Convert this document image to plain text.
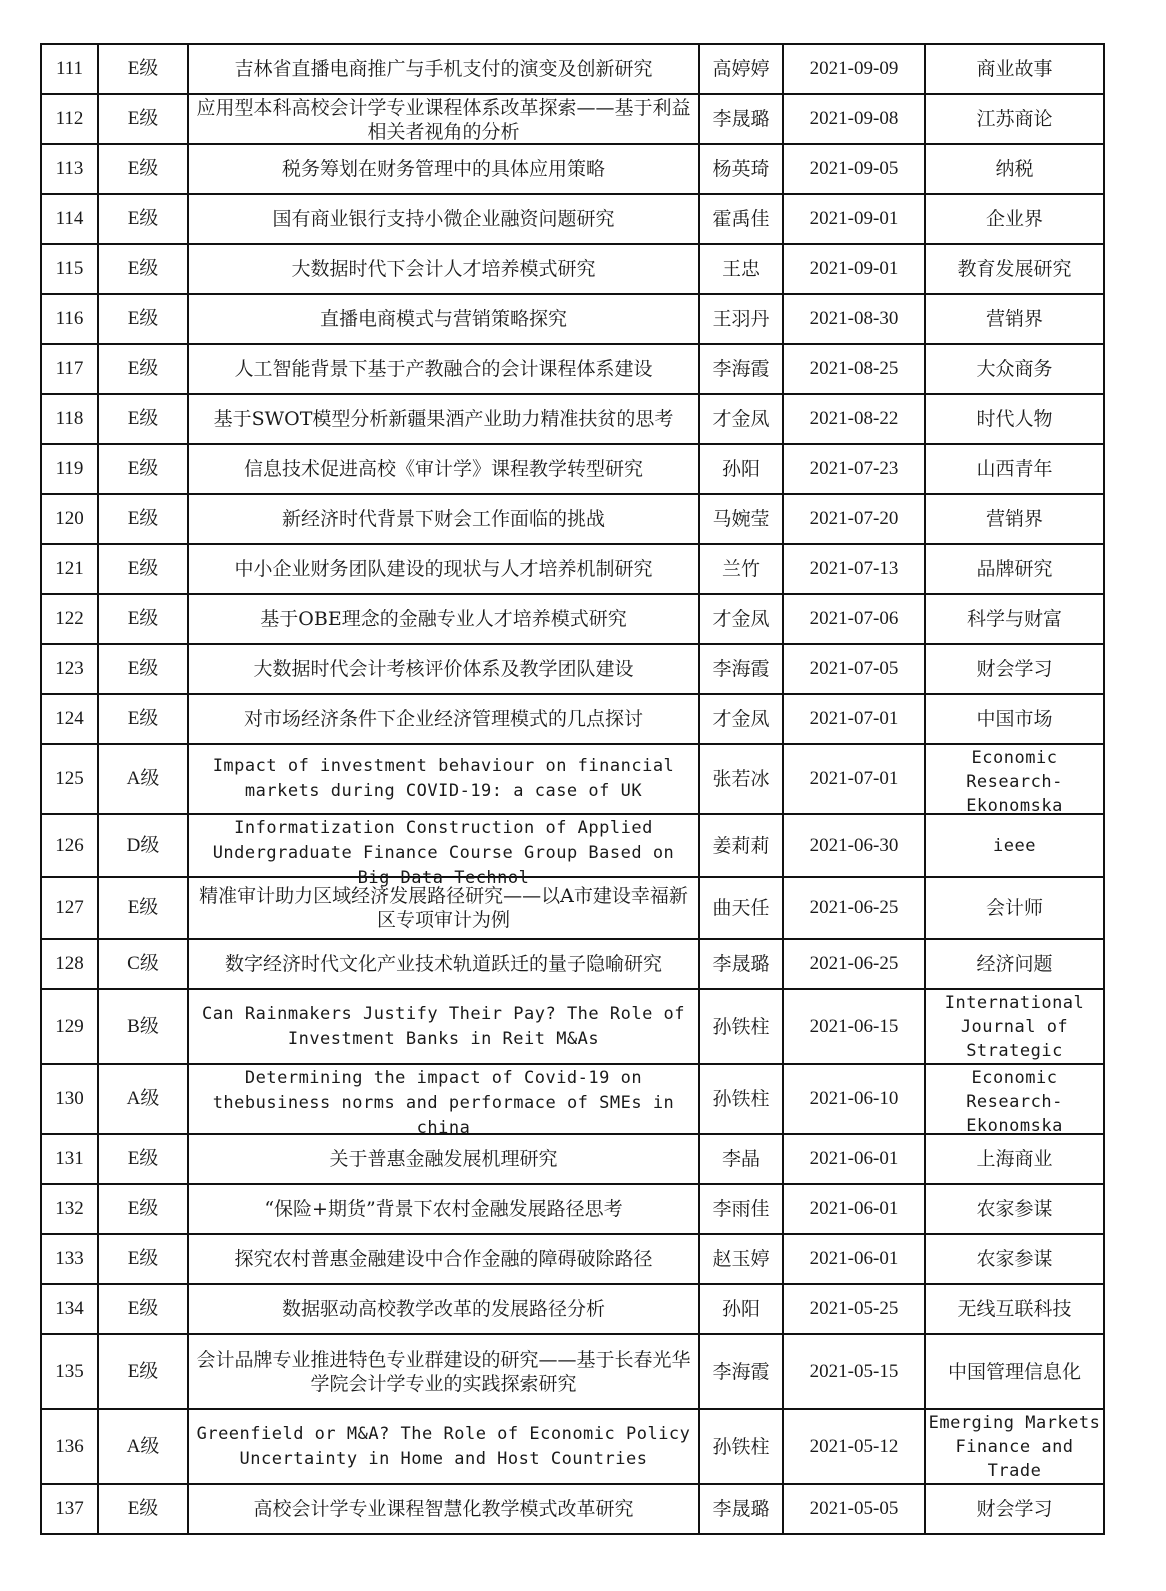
111	E级	吉林省直播电商推广与手机支付的演变及创新研究	高婷婷	2021-09-09	商业故事

112	E级	应用型本科高校会计学专业课程体系改革探索——基于利益相关者视角的分析	李晟璐	2021-09-08	江苏商论

113	E级	税务筹划在财务管理中的具体应用策略	杨英琦	2021-09-05	纳税

114	E级	国有商业银行支持小微企业融资问题研究	霍禹佳	2021-09-01	企业界

115	E级	大数据时代下会计人才培养模式研究	王忠	2021-09-01	教育发展研究

116	E级	直播电商模式与营销策略探究	王羽丹	2021-08-30	营销界

117	E级	人工智能背景下基于产教融合的会计课程体系建设	李海霞	2021-08-25	大众商务

118	E级	基于SWOT模型分析新疆果酒产业助力精准扶贫的思考	才金凤	2021-08-22	时代人物

119	E级	信息技术促进高校《审计学》课程教学转型研究	孙阳	2021-07-23	山西青年

120	E级	新经济时代背景下财会工作面临的挑战	马婉莹	2021-07-20	营销界

121	E级	中小企业财务团队建设的现状与人才培养机制研究	兰竹	2021-07-13	品牌研究

122	E级	基于OBE理念的金融专业人才培养模式研究	才金凤	2021-07-06	科学与财富

123	E级	大数据时代会计考核评价体系及教学团队建设	李海霞	2021-07-05	财会学习

124	E级	对市场经济条件下企业经济管理模式的几点探讨	才金凤	2021-07-01	中国市场

125	A级	Impact of investment behaviour on financial markets during COVID-19: a case of UK	张若冰	2021-07-01	Economic Research-Ekonomska

126	D级	Informatization Construction of Applied Undergraduate Finance Course Group Based on Big Data Technol	姜莉莉	2021-06-30	ieee

127	E级	精准审计助力区域经济发展路径研究——以A市建设幸福新区专项审计为例	曲天任	2021-06-25	会计师

128	C级	数字经济时代文化产业技术轨道跃迁的量子隐喻研究	李晟璐	2021-06-25	经济问题

129	B级	Can Rainmakers Justify Their Pay? The Role of Investment Banks in Reit M&As	孙铁柱	2021-06-15	International Journal of Strategic

130	A级	Determining the impact of Covid-19 on thebusiness norms and performace of SMEs in china	孙铁柱	2021-06-10	Economic Research-Ekonomska

131	E级	关于普惠金融发展机理研究	李晶	2021-06-01	上海商业

132	E级	“保险+期货”背景下农村金融发展路径思考	李雨佳	2021-06-01	农家参谋

133	E级	探究农村普惠金融建设中合作金融的障碍破除路径	赵玉婷	2021-06-01	农家参谋

134	E级	数据驱动高校教学改革的发展路径分析	孙阳	2021-05-25	无线互联科技

135	E级	会计品牌专业推进特色专业群建设的研究——基于长春光华学院会计学专业的实践探索研究	李海霞	2021-05-15	中国管理信息化

136	A级	Greenfield or M&A? The Role of Economic Policy Uncertainty in Home and Host Countries	孙铁柱	2021-05-12	Emerging Markets Finance and Trade

137	E级	高校会计学专业课程智慧化教学模式改革研究	李晟璐	2021-05-05	财会学习
